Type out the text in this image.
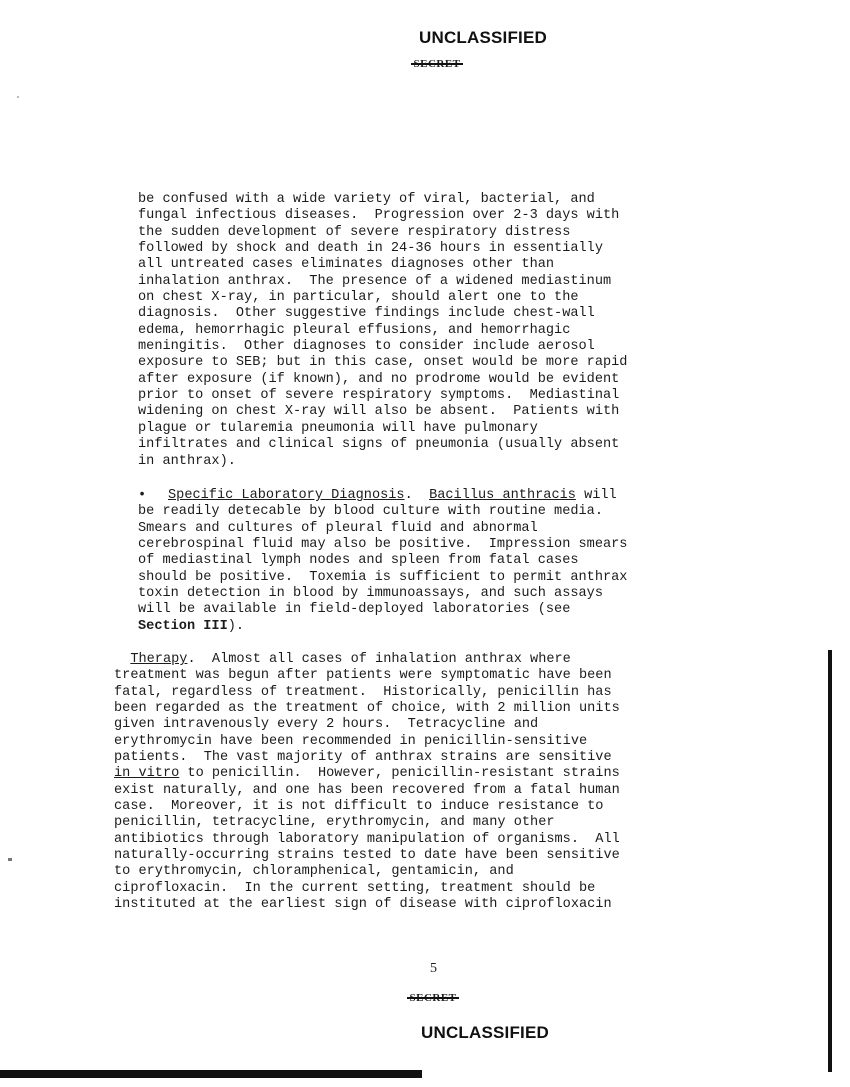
UNCLASSIFIED
SECRET
be confused with a wide variety of viral, bacterial, and
fungal infectious diseases.  Progression over 2-3 days with
the sudden development of severe respiratory distress
followed by shock and death in 24-36 hours in essentially
all untreated cases eliminates diagnoses other than
inhalation anthrax.  The presence of a widened mediastinum
on chest X-ray, in particular, should alert one to the
diagnosis.  Other suggestive findings include chest-wall
edema, hemorrhagic pleural effusions, and hemorrhagic
meningitis.  Other diagnoses to consider include aerosol
exposure to SEB; but in this case, onset would be more rapid
after exposure (if known), and no prodrome would be evident
prior to onset of severe respiratory symptoms.  Mediastinal
widening on chest X-ray will also be absent.  Patients with
plague or tularemia pneumonia will have pulmonary
infiltrates and clinical signs of pneumonia (usually absent
in anthrax).
• Specific Laboratory Diagnosis. Bacillus anthracis will
be readily detecable by blood culture with routine media.
Smears and cultures of pleural fluid and abnormal
cerebrospinal fluid may also be positive.  Impression smears
of mediastinal lymph nodes and spleen from fatal cases
should be positive.  Toxemia is sufficient to permit anthrax
toxin detection in blood by immunoassays, and such assays
will be available in field-deployed laboratories (see
Section III).
Therapy.  Almost all cases of inhalation anthrax where
treatment was begun after patients were symptomatic have been
fatal, regardless of treatment.  Historically, penicillin has
been regarded as the treatment of choice, with 2 million units
given intravenously every 2 hours.  Tetracycline and
erythromycin have been recommended in penicillin-sensitive
patients.  The vast majority of anthrax strains are sensitive
in vitro to penicillin.  However, penicillin-resistant strains
exist naturally, and one has been recovered from a fatal human
case.  Moreover, it is not difficult to induce resistance to
penicillin, tetracycline, erythromycin, and many other
antibiotics through laboratory manipulation of organisms.  All
naturally-occurring strains tested to date have been sensitive
to erythromycin, chloramphenical, gentamicin, and
ciprofloxacin.  In the current setting, treatment should be
instituted at the earliest sign of disease with ciprofloxacin
5
SECRET
UNCLASSIFIED
